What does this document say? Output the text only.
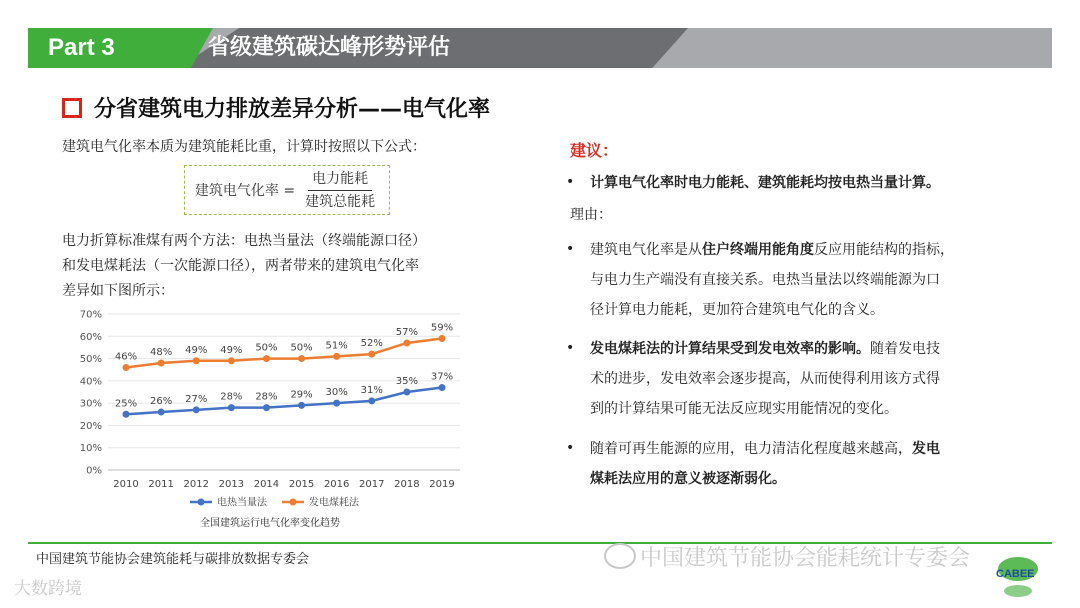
Part 3	省级建筑碳达峰形势评估
分省建筑电力排放差异分析——电气化率
建筑电气化率本质为建筑能耗比重，计算时按照以下公式：
建筑电气化率 = $\frac{\text{电力能耗}}{\text{建筑总能耗}}$
电力折算标准煤有两个方法：电热当量法（终端能源口径）
和发电煤耗法（一次能源口径），两者带来的建筑电气化率
差异如下图所示：
0%
10%
20%
30%
40%
50%
60%
70%
2010 2011 2012 2013 2014 2015 2016 2017 2018 2019
25% 26% 27% 28% 28% 29% 30% 31%
35% 37%
46% 48% 49% 49% 50% 50% 51% 52%
57% 59%
电热当量法	发电煤耗法
全国建筑运行电气化率变化趋势
建议：
• 计算电气化率时电力能耗、建筑能耗均按电热当量计算。
理由：
• 建筑电气化率是从住户终端用能角度反应用能结构的指标，
与电力生产端没有直接关系。电热当量法以终端能源为口
径计算电力能耗，更加符合建筑电气化的含义。
• 发电煤耗法的计算结果受到发电效率的影响。随着发电技
术的进步，发电效率会逐步提高，从而使得利用该方式得
到的计算结果可能无法反应现实用能情况的变化。
• 随着可再生能源的应用，电力清洁化程度越来越高，发电
煤耗法应用的意义被逐渐弱化。
中国建筑节能协会建筑能耗与碳排放数据专委会	中国建筑节能协会能耗统计专委会
大数跨境
CABEE
